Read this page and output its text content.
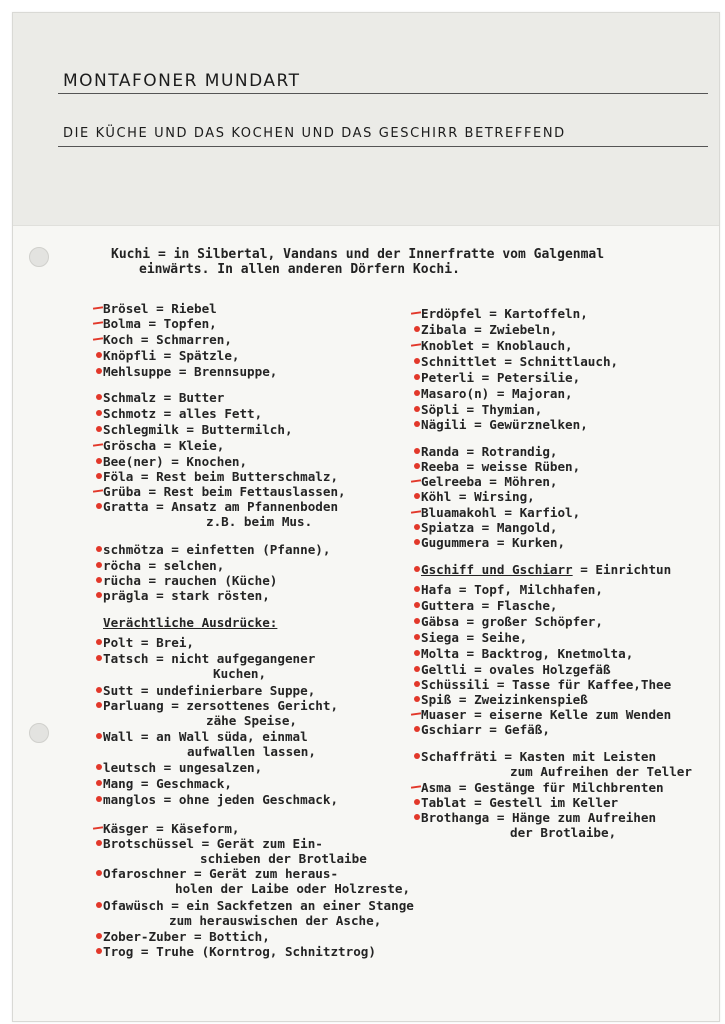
MONTAFONER MUNDART
DIE KÜCHE UND DAS KOCHEN UND DAS GESCHIRR BETREFFEND
Kuchi = in Silbertal, Vandans und der Innerfratte vom Galgenmal
einwärts. In allen anderen Dörfern Kochi.
Brösel = Riebel
Bolma = Topfen,
Koch = Schmarren,
Knöpfli = Spätzle,
Mehlsuppe = Brennsuppe,
Schmalz = Butter
Schmotz = alles Fett,
Schlegmilk = Buttermilch,
Gröscha = Kleie,
Bee(ner) = Knochen,
Föla = Rest beim Butterschmalz,
Grüba = Rest beim Fettauslassen,
Gratta = Ansatz am Pfannenboden
z.B. beim Mus.
schmötza = einfetten (Pfanne),
röcha = selchen,
rücha = rauchen (Küche)
prägla = stark rösten,
Verächtliche Ausdrücke:
Polt = Brei,
Tatsch = nicht aufgegangener
Kuchen,
Sutt = undefinierbare Suppe,
Parluang = zersottenes Gericht,
zähe Speise,
Wall = an Wall süda, einmal
aufwallen lassen,
leutsch = ungesalzen,
Mang = Geschmack,
manglos = ohne jeden Geschmack,
Käsger = Käseform,
Brotschüssel = Gerät zum Ein-
schieben der Brotlaibe
Ofaroschner = Gerät zum heraus-
holen der Laibe oder Holzreste,
Ofawüsch = ein Sackfetzen an einer Stange
zum herauswischen der Asche,
Zober-Zuber = Bottich,
Trog = Truhe (Korntrog, Schnitztrog)
Erdöpfel = Kartoffeln,
Zibala = Zwiebeln,
Knoblet = Knoblauch,
Schnittlet = Schnittlauch,
Peterli = Petersilie,
Masaro(n) = Majoran,
Söpli = Thymian,
Nägili = Gewürznelken,
Randa = Rotrandig,
Reeba = weisse Rüben,
Gelreeba = Möhren,
Köhl = Wirsing,
Bluamakohl = Karfiol,
Spiatza = Mangold,
Gugummera = Kurken,
Gschiff und Gschiarr = Einrichtun
Hafa = Topf, Milchhafen,
Guttera = Flasche,
Gäbsa = großer Schöpfer,
Siega = Seihe,
Molta = Backtrog, Knetmolta,
Geltli = ovales Holzgefäß
Schüssili = Tasse für Kaffee,Thee
Spiß = Zweizinkenspieß
Muaser = eiserne Kelle zum Wenden
Gschiarr = Gefäß,
Schaffräti = Kasten mit Leisten
zum Aufreihen der Teller
Asma = Gestänge für Milchbrenten
Tablat = Gestell im Keller
Brothanga = Hänge zum Aufreihen
der Brotlaibe,
